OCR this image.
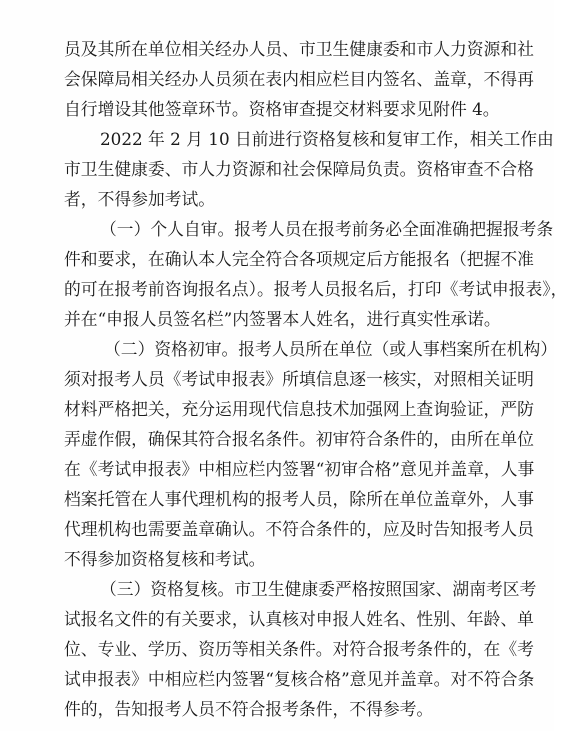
员及其所在单位相关经办人员、市卫生健康委和市人力资源和社
会保障局相关经办人员须在表内相应栏目内签名、盖章，不得再
自行增设其他签章环节。资格审查提交材料要求见附件 4。
2022 年 2 月 10 日前进行资格复核和复审工作，相关工作由
市卫生健康委、市人力资源和社会保障局负责。资格审查不合格
者，不得参加考试。
（一）个人自审。报考人员在报考前务必全面准确把握报考条
件和要求，在确认本人完全符合各项规定后方能报名（把握不准
的可在报考前咨询报名点）。报考人员报名后，打印《考试申报表》，
并在“申报人员签名栏”内签署本人姓名，进行真实性承诺。
（二）资格初审。报考人员所在单位（或人事档案所在机构）
须对报考人员《考试申报表》所填信息逐一核实，对照相关证明
材料严格把关，充分运用现代信息技术加强网上查询验证，严防
弄虚作假，确保其符合报名条件。初审符合条件的，由所在单位
在《考试申报表》中相应栏内签署“初审合格”意见并盖章，人事
档案托管在人事代理机构的报考人员，除所在单位盖章外，人事
代理机构也需要盖章确认。不符合条件的，应及时告知报考人员
不得参加资格复核和考试。
（三）资格复核。市卫生健康委严格按照国家、湖南考区考
试报名文件的有关要求，认真核对申报人姓名、性别、年龄、单
位、专业、学历、资历等相关条件。对符合报考条件的，在《考
试申报表》中相应栏内签署“复核合格”意见并盖章。对不符合条
件的，告知报考人员不符合报考条件，不得参考。
